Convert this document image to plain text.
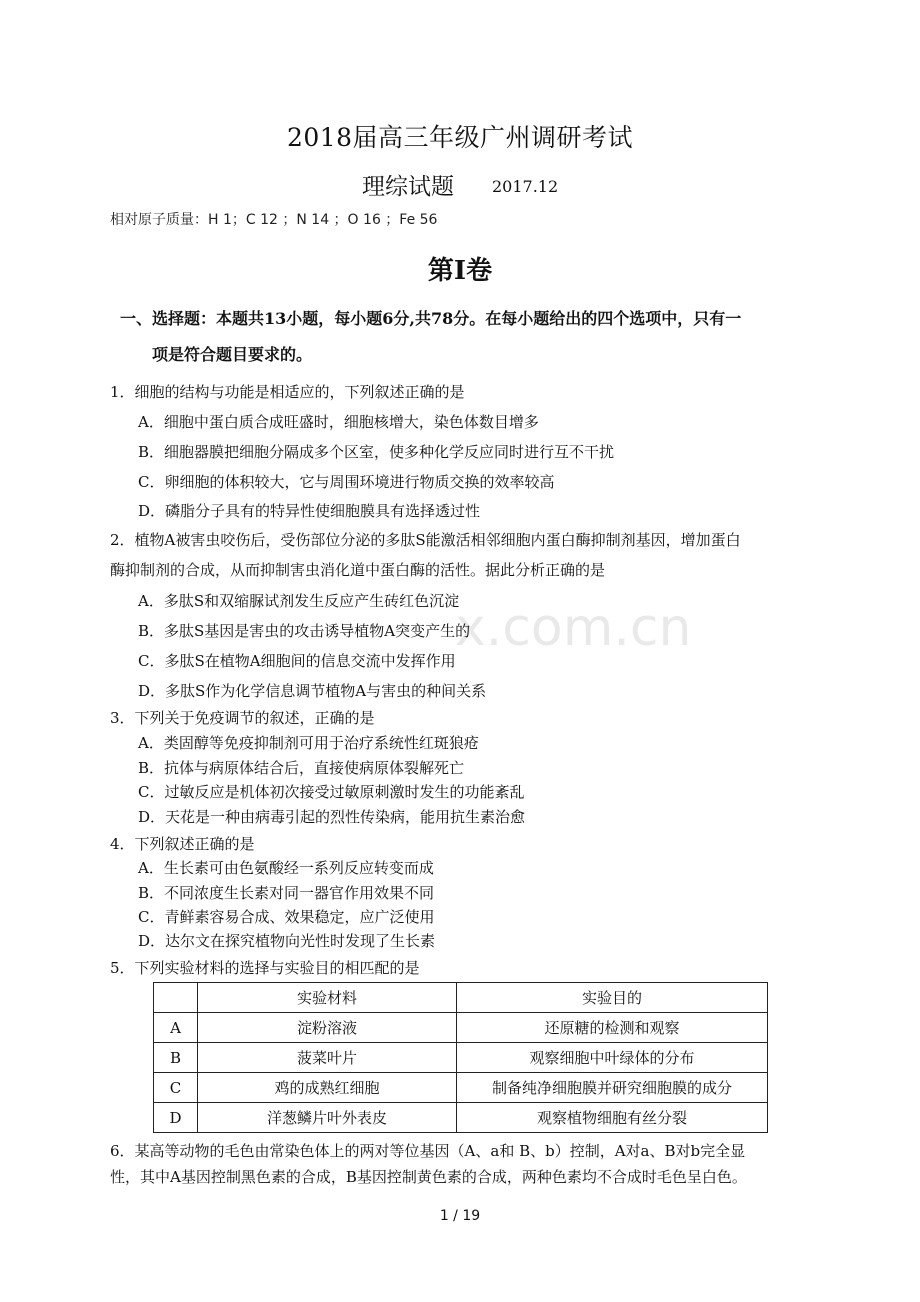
x.com.cn
2018届高三年级广州调研考试
理综试题 2017.12
相对原子质量：H 1；C 12 ；N 14 ；O 16 ；Fe 56
第Ⅰ卷
一、选择题：本题共13小题，每小题6分,共78分。在每小题给出的四个选项中，只有一
项是符合题目要求的。
1．细胞的结构与功能是相适应的，下列叙述正确的是
A．细胞中蛋白质合成旺盛时，细胞核增大，染色体数目增多
B．细胞器膜把细胞分隔成多个区室，使多种化学反应同时进行互不干扰
C．卵细胞的体积较大，它与周围环境进行物质交换的效率较高
D．磷脂分子具有的特异性使细胞膜具有选择透过性
2．植物A被害虫咬伤后，受伤部位分泌的多肽S能激活相邻细胞内蛋白酶抑制剂基因，增加蛋白
酶抑制剂的合成，从而抑制害虫消化道中蛋白酶的活性。据此分析正确的是
A．多肽S和双缩脲试剂发生反应产生砖红色沉淀
B．多肽S基因是害虫的攻击诱导植物A突变产生的
C．多肽S在植物A细胞间的信息交流中发挥作用
D．多肽S作为化学信息调节植物A与害虫的种间关系
3．下列关于免疫调节的叙述，正确的是
A．类固醇等免疫抑制剂可用于治疗系统性红斑狼疮
B．抗体与病原体结合后，直接使病原体裂解死亡
C．过敏反应是机体初次接受过敏原刺激时发生的功能紊乱
D．天花是一种由病毒引起的烈性传染病，能用抗生素治愈
4．下列叙述正确的是
A．生长素可由色氨酸经一系列反应转变而成
B．不同浓度生长素对同一器官作用效果不同
C．青鲜素容易合成、效果稳定，应广泛使用
D．达尔文在探究植物向光性时发现了生长素
5．下列实验材料的选择与实验目的相匹配的是
	实验材料	实验目的
A	淀粉溶液	还原糖的检测和观察
B	菠菜叶片	观察细胞中叶绿体的分布
C	鸡的成熟红细胞	制备纯净细胞膜并研究细胞膜的成分
D	洋葱鳞片叶外表皮	观察植物细胞有丝分裂
6．某高等动物的毛色由常染色体上的两对等位基因（A、a和 B、b）控制，A对a、B对b完全显
性，其中A基因控制黑色素的合成，B基因控制黄色素的合成，两种色素均不合成时毛色呈白色。
1 / 19
